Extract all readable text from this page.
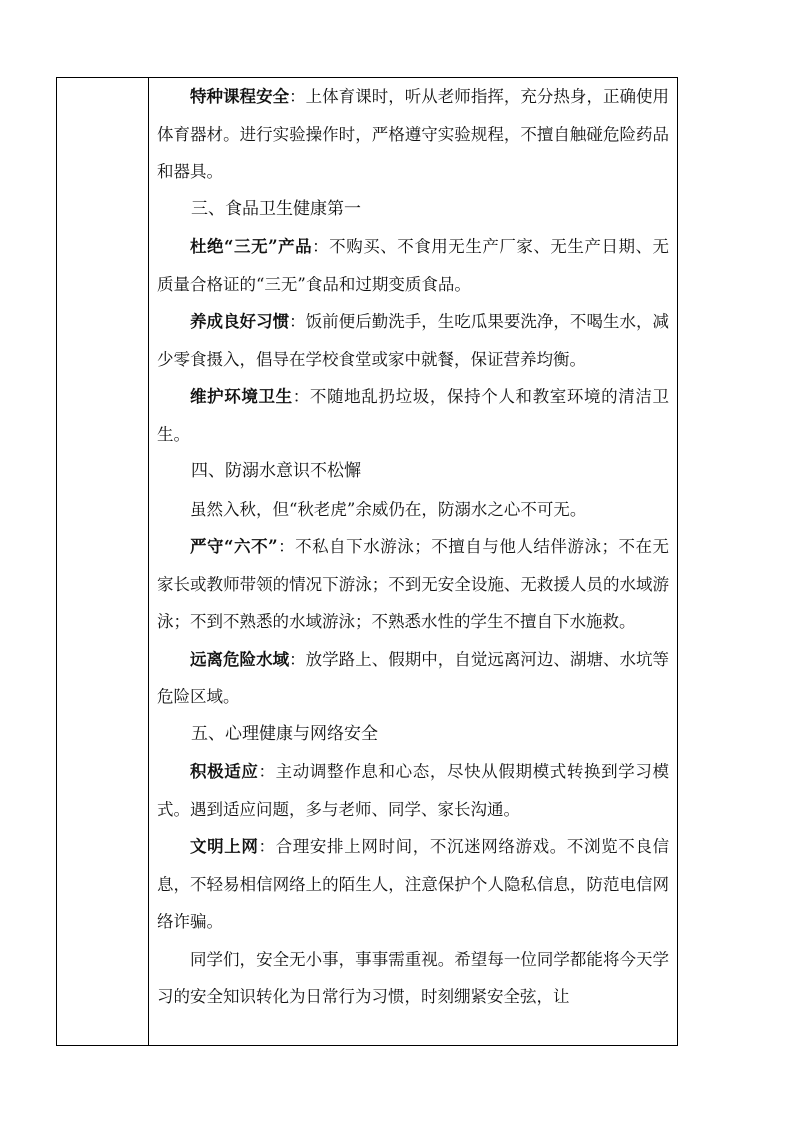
特种课程安全：上体育课时，听从老师指挥，充分热身，正确使用体育器材。进行实验操作时，严格遵守实验规程，不擅自触碰危险药品和器具。

三、食品卫生健康第一

杜绝“三无”产品：不购买、不食用无生产厂家、无生产日期、无质量合格证的“三无”食品和过期变质食品。

养成良好习惯：饭前便后勤洗手，生吃瓜果要洗净，不喝生水，减少零食摄入，倡导在学校食堂或家中就餐，保证营养均衡。

维护环境卫生：不随地乱扔垃圾，保持个人和教室环境的清洁卫生。

四、防溺水意识不松懈

虽然入秋，但“秋老虎”余威仍在，防溺水之心不可无。

严守“六不”：不私自下水游泳；不擅自与他人结伴游泳；不在无家长或教师带领的情况下游泳；不到无安全设施、无救援人员的水域游泳；不到不熟悉的水域游泳；不熟悉水性的学生不擅自下水施救。

远离危险水域：放学路上、假期中，自觉远离河边、湖塘、水坑等危险区域。

五、心理健康与网络安全

积极适应：主动调整作息和心态，尽快从假期模式转换到学习模式。遇到适应问题，多与老师、同学、家长沟通。

文明上网：合理安排上网时间，不沉迷网络游戏。不浏览不良信息，不轻易相信网络上的陌生人，注意保护个人隐私信息，防范电信网络诈骗。

同学们，安全无小事，事事需重视。希望每一位同学都能将今天学习的安全知识转化为日常行为习惯，时刻绷紧安全弦，让
